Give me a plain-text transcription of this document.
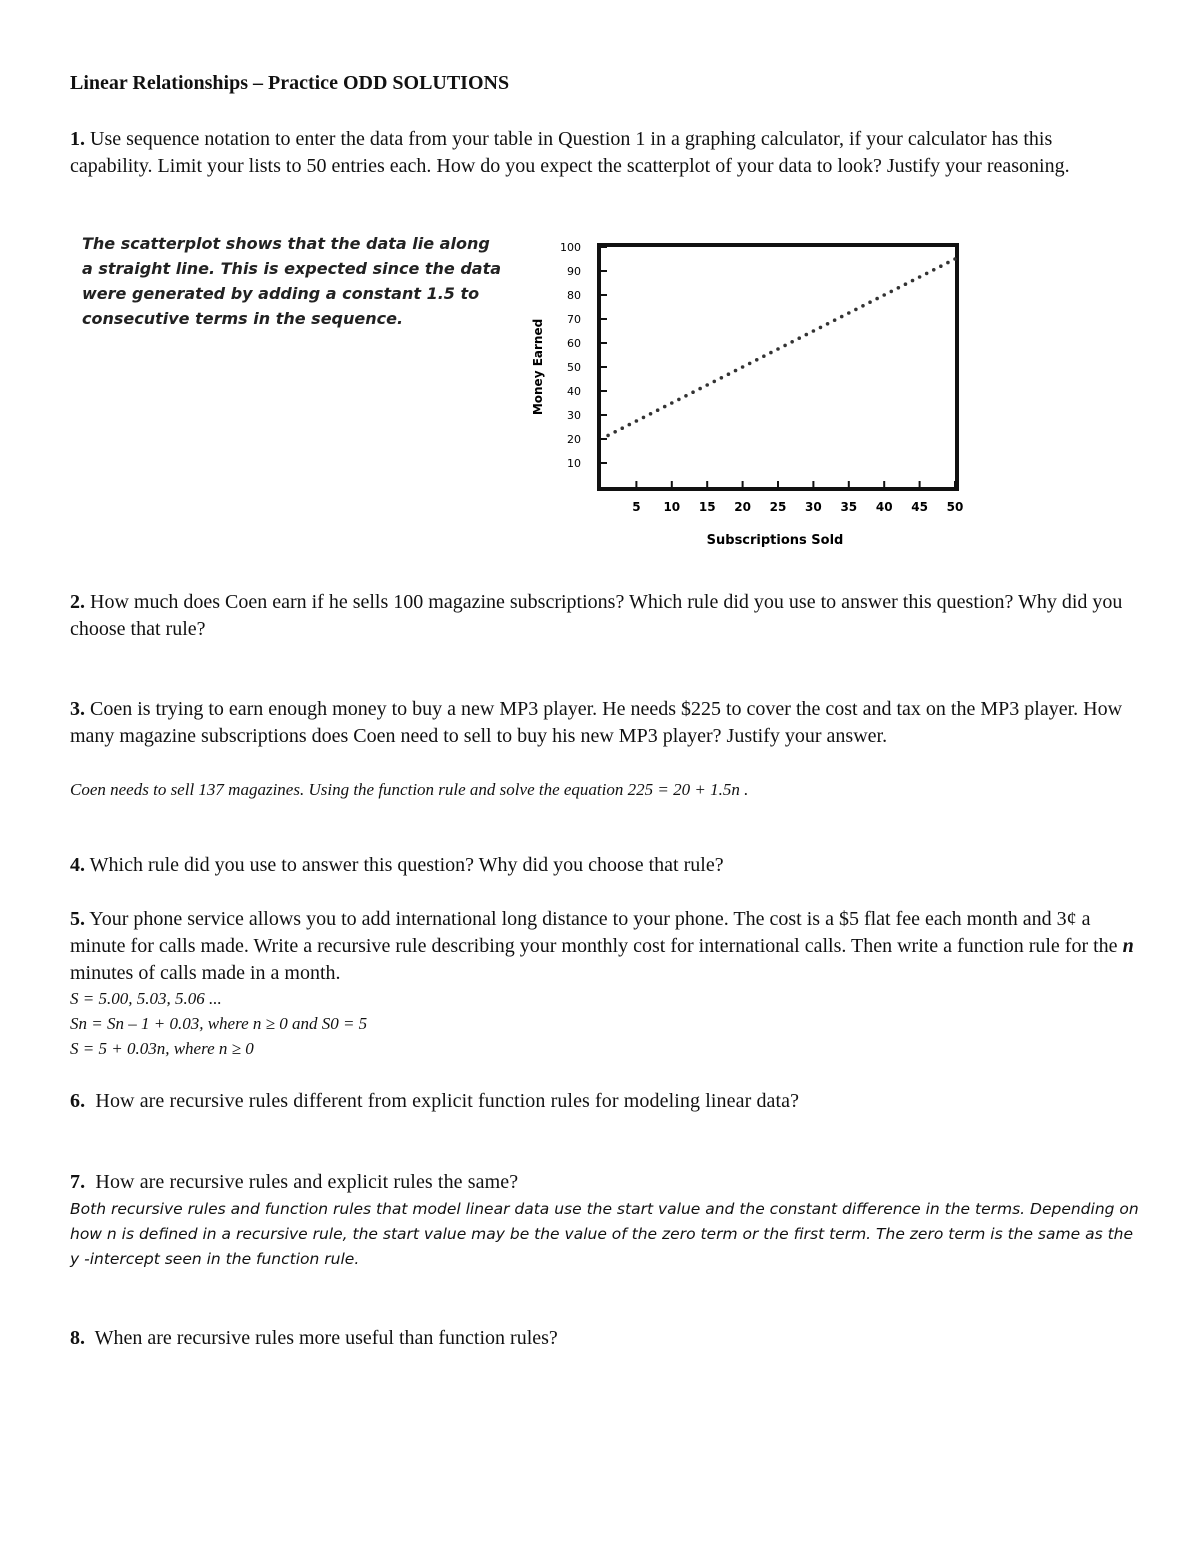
Linear Relationships – Practice ODD SOLUTIONS
1. Use sequence notation to enter the data from your table in Question 1 in a graphing calculator, if your calculator has this capability. Limit your lists to 50 entries each. How do you expect the scatterplot of your data to look? Justify your reasoning.
The scatterplot shows that the data lie along
a straight line. This is expected since the data
were generated by adding a constant 1.5 to
consecutive terms in the sequence.
5 10 15 20 25 30 35 40 45 50
10
20
30
40
50
60
70
80
90
100
Money Earned
Subscriptions Sold
2. How much does Coen earn if he sells 100 magazine subscriptions? Which rule did you use to answer this question? Why did you choose that rule?
3. Coen is trying to earn enough money to buy a new MP3 player. He needs $225 to cover the cost and tax on the MP3 player. How many magazine subscriptions does Coen need to sell to buy his new MP3 player? Justify your answer.
Coen needs to sell 137 magazines. Using the function rule and solve the equation 225 = 20 + 1.5n .
4. Which rule did you use to answer this question? Why did you choose that rule?
5. Your phone service allows you to add international long distance to your phone. The cost is a $5 flat fee each month and 3¢ a minute for calls made. Write a recursive rule describing your monthly cost for international calls. Then write a function rule for the n minutes of calls made in a month.
S = 5.00, 5.03, 5.06 ...
Sn = Sn – 1 + 0.03, where n ≥ 0 and S0 = 5
S = 5 + 0.03n, where n ≥ 0
6. How are recursive rules different from explicit function rules for modeling linear data?
7. How are recursive rules and explicit rules the same?
Both recursive rules and function rules that model linear data use the start value and the constant difference in the terms. Depending on how n is defined in a recursive rule, the start value may be the value of the zero term or the first term. The zero term is the same as the y -intercept seen in the function rule.
8. When are recursive rules more useful than function rules?
